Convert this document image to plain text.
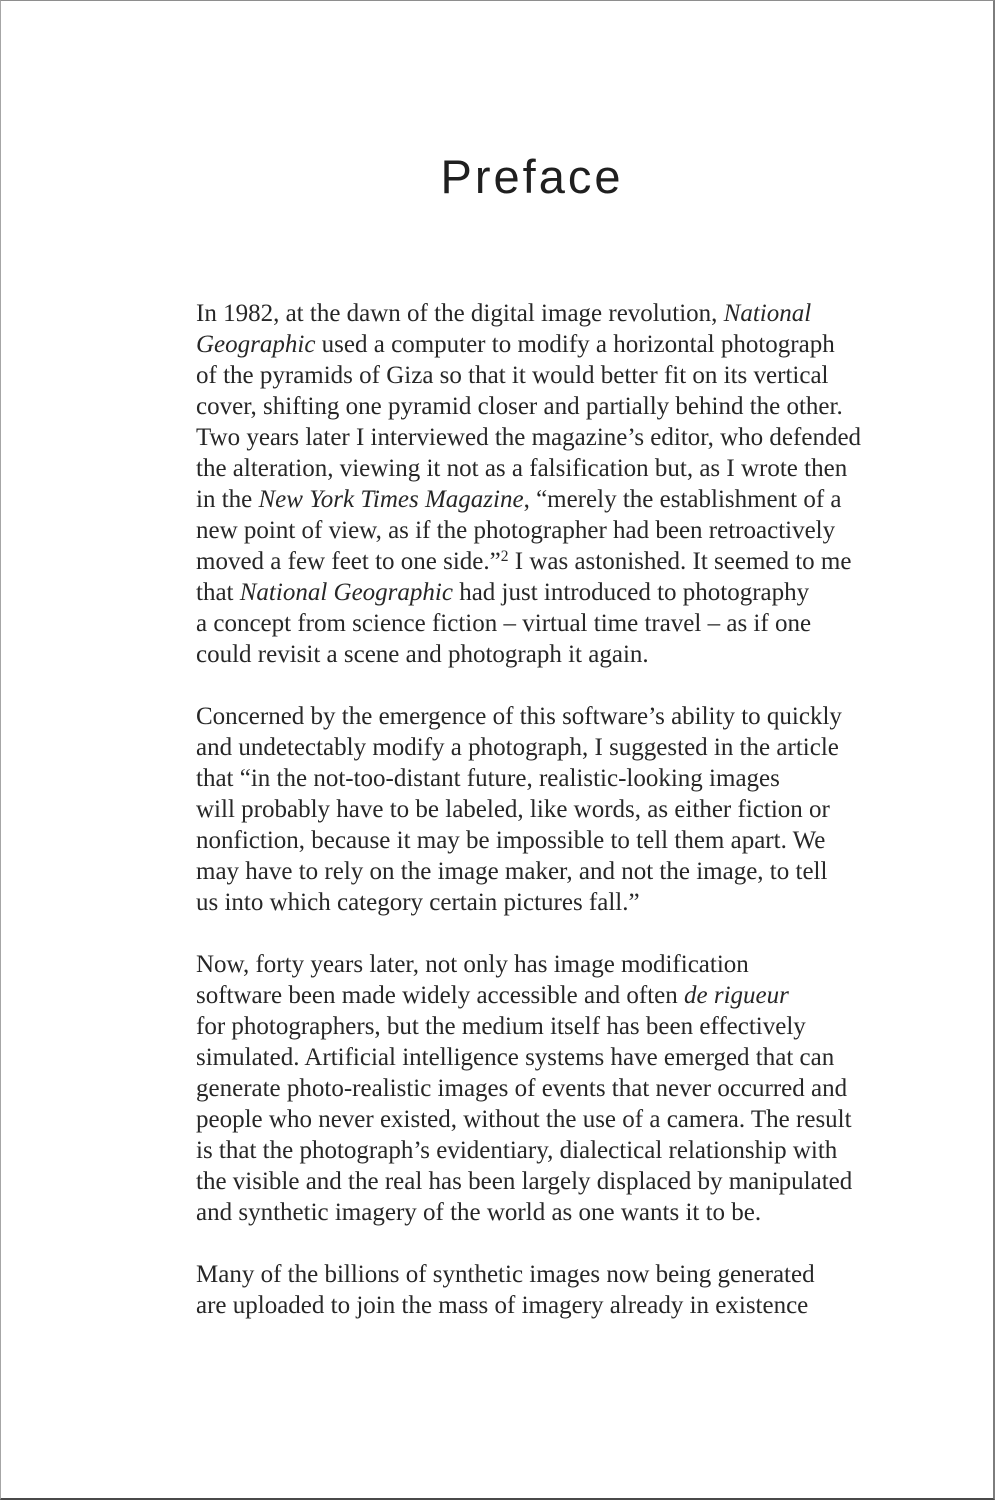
Preface
In 1982, at the dawn of the digital image revolution, National
Geographic used a computer to modify a horizontal photograph
of the pyramids of Giza so that it would better fit on its vertical
cover, shifting one pyramid closer and partially behind the other.
Two years later I interviewed the magazine’s editor, who defended
the alteration, viewing it not as a falsification but, as I wrote then
in the New York Times Magazine, “merely the establishment of a
new point of view, as if the photographer had been retroactively
moved a few feet to one side.”$^2$ I was astonished. It seemed to me
that National Geographic had just introduced to photography
a concept from science fiction – virtual time travel – as if one
could revisit a scene and photograph it again.
Concerned by the emergence of this software’s ability to quickly
and undetectably modify a photograph, I suggested in the article
that “in the not-too-distant future, realistic-looking images
will probably have to be labeled, like words, as either fiction or
nonfiction, because it may be impossible to tell them apart. We
may have to rely on the image maker, and not the image, to tell
us into which category certain pictures fall.”
Now, forty years later, not only has image modification
software been made widely accessible and often de rigueur
for photographers, but the medium itself has been effectively
simulated. Artificial intelligence systems have emerged that can
generate photo-realistic images of events that never occurred and
people who never existed, without the use of a camera. The result
is that the photograph’s evidentiary, dialectical relationship with
the visible and the real has been largely displaced by manipulated
and synthetic imagery of the world as one wants it to be.
Many of the billions of synthetic images now being generated
are uploaded to join the mass of imagery already in existence
